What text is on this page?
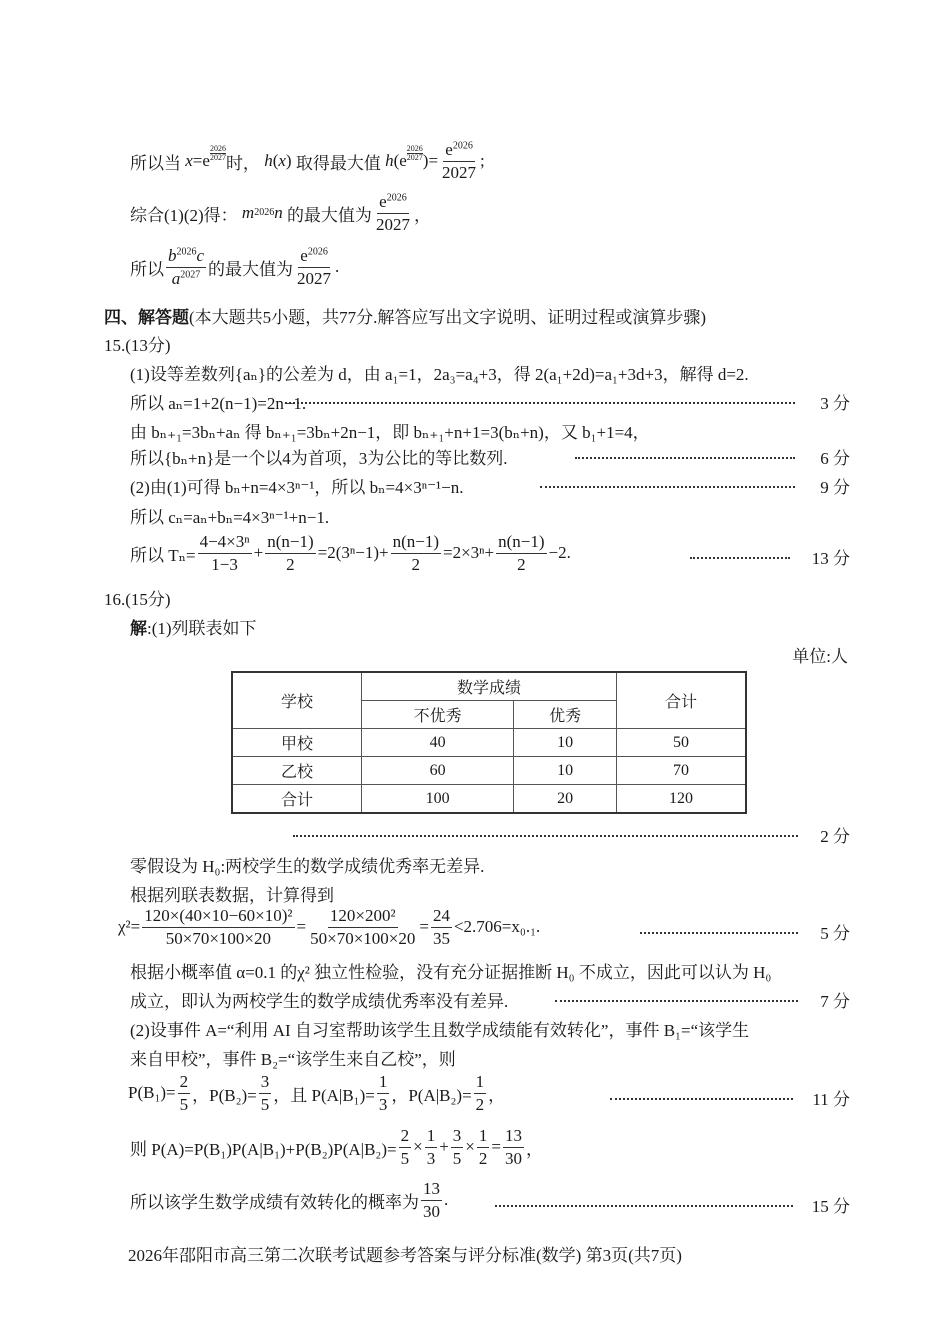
所以当
x = e
$^{2026 2027}$ 时，
h ( x ) 取得最大值
h ( e
$^{2026 2027}$ )= $\frac{e^{2026}}{2027}$ ;
综合(1)(2)得：
m 2026 n
的最大值为 $\frac{e^{2026}}{2027}$ ，
所以 $\frac{b^{2026}c}{a^{2027}}$ 的最大值为 $\frac{e^{2026}}{2027}$ .
四、解答题 (本大题共5小题，共77分.解答应写出文字说明、证明过程或演算步骤)
15.(13分)
(1)设等差数列{aₙ}的公差为 d，由 a₁=1，2a₃=a₄+3，得 2(a₁+2d)=a₁+3d+3，解得 d=2.
所以 aₙ=1+2(n−1)=2n−1.	3 分
由 bₙ₊₁=3bₙ+aₙ 得 bₙ₊₁=3bₙ+2n−1，即 bₙ₊₁+n+1=3(bₙ+n)，又 b₁+1=4，
所以{bₙ+n}是一个以4为首项，3为公比的等比数列.	6 分
(2)由(1)可得 bₙ+n=4×3ⁿ⁻¹，所以 bₙ=4×3ⁿ⁻¹−n.	9 分
所以 cₙ=aₙ+bₙ=4×3ⁿ⁻¹+n−1.
所以 $T_n= \frac{\text{4−4×3ⁿ}}{1-3} + \frac{n(n-1)}{2} =2(3^n-1)+ \frac{n(n-1)}{2} =2\times 3^n+ \frac{n(n-1)}{2} -2$.	13 分
16.(15分)
解 :(1)列联表如下
单位:人
学校	数学成绩		合计
	不优秀	优秀	
甲校	40	10	50
乙校	60	10	70
合计	100	20	120
2 分
零假设为 H₀:两校学生的数学成绩优秀率无差异.
根据列联表数据，计算得到
$\chi^2= \frac{\text{120×(40×10−60×10)²}}{50\times 70\times 100\times 20} = \frac{\text{120×200²}}{50\times 70\times 100\times 20} = \frac{24}{35} <2.706=x_0._1$.	5 分
根据小概率值 α=0.1 的χ² 独立性检验，没有充分证据推断 H₀ 不成立，因此可以认为 H₀
成立，即认为两校学生的数学成绩优秀率没有差异.	7 分
(2)设事件 A=“利用 AI 自习室帮助该学生且数学成绩能有效转化”，事件 B₁=“该学生
来自甲校”，事件 B₂=“该学生来自乙校”，则
$P(B_1)= \frac{2}{5}$ ，$P(B_2)= \frac{3}{5}$ ，且 $P(A|B_1)= \frac{1}{3}$ ，$P(A|B_2)= \frac{1}{2}$ ，	11 分
则 $P(A)=P(B_1)P(A|B_1)+P(B_2)P(A|B_2)= \frac{2}{5} \times \frac{1}{3} + \frac{3}{5} \times \frac{1}{2} = \frac{13}{30}$ ，
所以该学生数学成绩有效转化的概率为 $\frac{13}{30}$ .	15 分
2026年邵阳市高三第二次联考试题参考答案与评分标准(数学) 第3页(共7页)
